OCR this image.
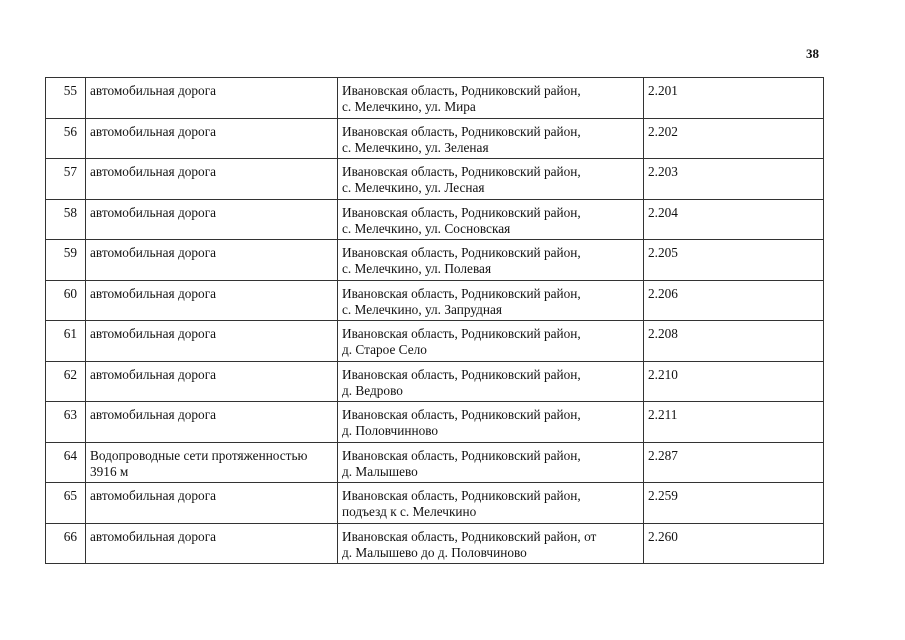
38
55	автомобильная дорога	Ивановская область, Родниковский район,
с. Мелечкино, ул. Мира	2.201
56	автомобильная дорога	Ивановская область, Родниковский район,
с. Мелечкино, ул. Зеленая	2.202
57	автомобильная дорога	Ивановская область, Родниковский район,
с. Мелечкино, ул. Лесная	2.203
58	автомобильная дорога	Ивановская область, Родниковский район,
с. Мелечкино, ул. Сосновская	2.204
59	автомобильная дорога	Ивановская область, Родниковский район,
с. Мелечкино, ул. Полевая	2.205
60	автомобильная дорога	Ивановская область, Родниковский район,
с. Мелечкино, ул. Запрудная	2.206
61	автомобильная дорога	Ивановская область, Родниковский район,
д. Старое Село	2.208
62	автомобильная дорога	Ивановская область, Родниковский район,
д. Ведрово	2.210
63	автомобильная дорога	Ивановская область, Родниковский район,
д. Половчинново	2.211
64	Водопроводные сети протяженностью 3916 м	Ивановская область, Родниковский район,
д. Малышево	2.287
65	автомобильная дорога	Ивановская область, Родниковский район,
подъезд к с. Мелечкино	2.259
66	автомобильная дорога	Ивановская область, Родниковский район, от
д. Малышево до д. Половчиново	2.260
